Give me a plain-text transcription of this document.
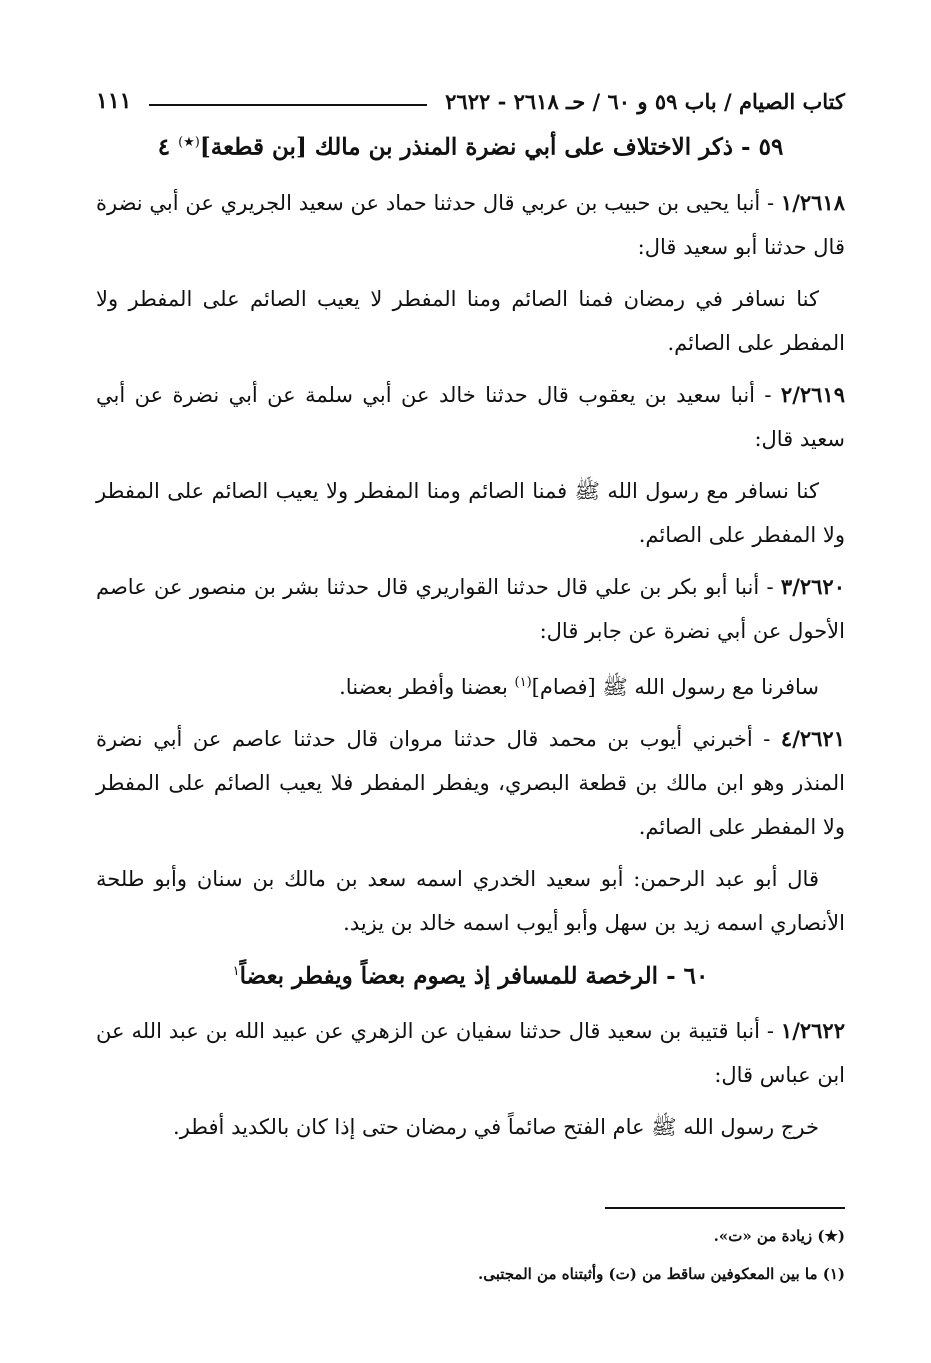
كتاب الصيام / باب ٥٩ و ٦٠ / حـ ٢٦١٨ - ٢٦٢٢
١١١
٥٩ - ذكر الاختلاف على أبي نضرة المنذر بن مالك [بن قطعة](★) ٤

١/٢٦١٨ - أنبا يحيى بن حبيب بن عربي قال حدثنا حماد عن سعيد الجريري عن أبي نضرة قال حدثنا أبو سعيد قال:

كنا نسافر في رمضان فمنا الصائم ومنا المفطر لا يعيب الصائم على المفطر ولا المفطر على الصائم.

٢/٢٦١٩ - أنبا سعيد بن يعقوب قال حدثنا خالد عن أبي سلمة عن أبي نضرة عن أبي سعيد قال:

كنا نسافر مع رسول الله ﷺ فمنا الصائم ومنا المفطر ولا يعيب الصائم على المفطر ولا المفطر على الصائم.

٣/٢٦٢٠ - أنبا أبو بكر بن علي قال حدثنا القواريري قال حدثنا بشر بن منصور عن عاصم الأحول عن أبي نضرة عن جابر قال:

سافرنا مع رسول الله ﷺ [فصام]$^{(١)}$ بعضنا وأفطر بعضنا.

٤/٢٦٢١ - أخبرني أيوب بن محمد قال حدثنا مروان قال حدثنا عاصم عن أبي نضرة المنذر وهو ابن مالك بن قطعة البصري، ويفطر المفطر فلا يعيب الصائم على المفطر ولا المفطر على الصائم.

قال أبو عبد الرحمن: أبو سعيد الخدري اسمه سعد بن مالك بن سنان وأبو طلحة الأنصاري اسمه زيد بن سهل وأبو أيوب اسمه خالد بن يزيد.

٦٠ - الرخصة للمسافر إذ يصوم بعضاً ويفطر بعضاً$^١$

١/٢٦٢٢ - أنبا قتيبة بن سعيد قال حدثنا سفيان عن الزهري عن عبيد الله بن عبد الله عن ابن عباس قال:

خرج رسول الله ﷺ عام الفتح صائماً في رمضان حتى إذا كان بالكديد أفطر.

(★) زيادة من «ت».
(١) ما بين المعكوفين ساقط من (ت) وأثبتناه من المجتبى.
